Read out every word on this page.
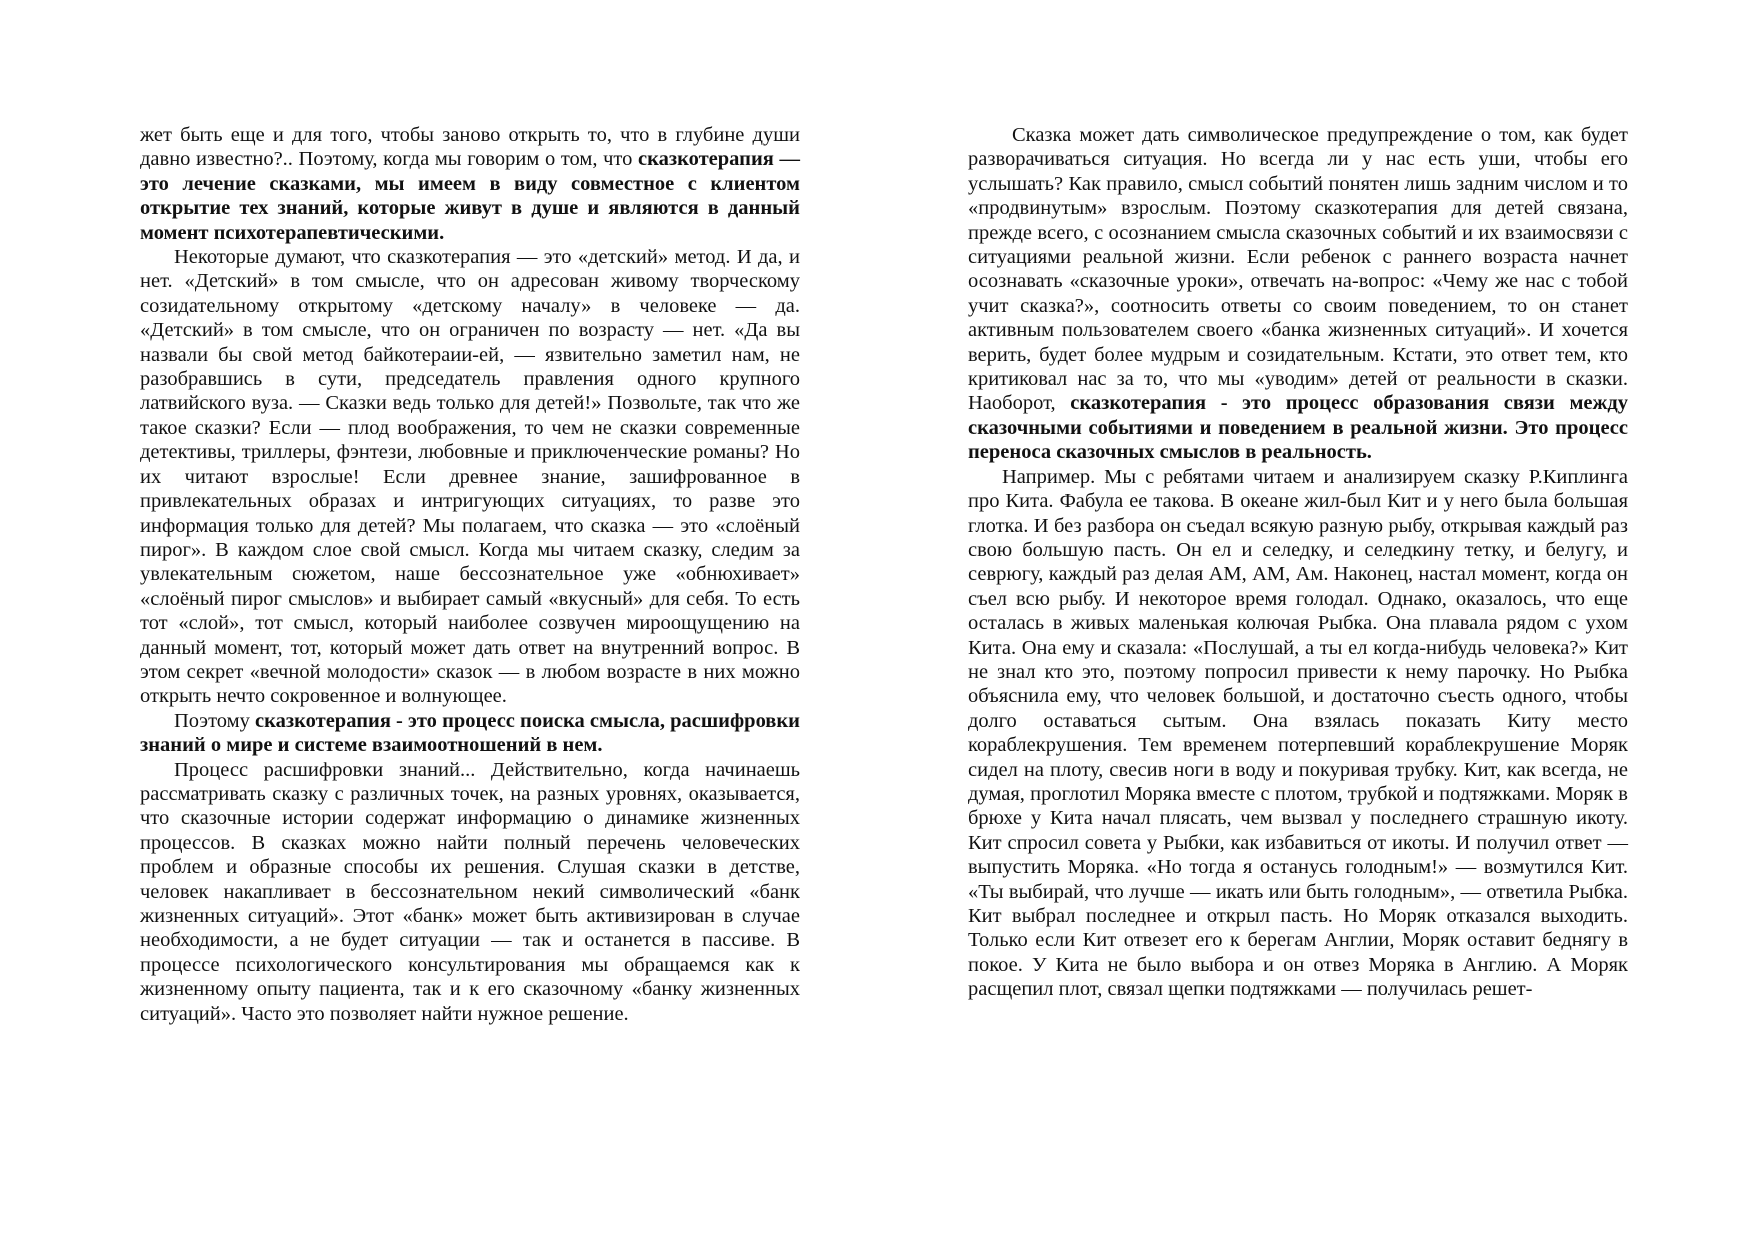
жет быть еще и для того, чтобы заново открыть то, что в глубине души давно известно?.. Поэтому, когда мы говорим о том, что сказкотерапия — это лечение сказками, мы имеем в виду совместное с клиентом открытие тех знаний, которые живут в душе и являются в данный момент психотерапевтическими.

Некоторые думают, что сказкотерапия — это «детский» метод. И да, и нет. «Детский» в том смысле, что он адресован живому творческому созидательному открытому «детскому началу» в человеке — да. «Детский» в том смысле, что он ограничен по возрасту — нет. «Да вы назвали бы свой метод байкотераии-ей, — язвительно заметил нам, не разобравшись в сути, председатель правления одного крупного латвийского вуза. — Сказки ведь только для детей!» Позвольте, так что же такое сказки? Если — плод воображения, то чем не сказки современные детективы, триллеры, фэнтези, любовные и приключенческие романы? Но их читают взрослые! Если древнее знание, зашифрованное в привлекательных образах и интригующих ситуациях, то разве это информация только для детей? Мы полагаем, что сказка — это «слоёный пирог». В каждом слое свой смысл. Когда мы читаем сказку, следим за увлекательным сюжетом, наше бессознательное уже «обнюхивает» «слоёный пирог смыслов» и выбирает самый «вкусный» для себя. То есть тот «слой», тот смысл, который наиболее созвучен мироощущению на данный момент, тот, который может дать ответ на внутренний вопрос. В этом секрет «вечной молодости» сказок — в любом возрасте в них можно открыть нечто сокровенное и волнующее.

Поэтому сказкотерапия - это процесс поиска смысла, расшифровки знаний о мире и системе взаимоотношений в нем.

Процесс расшифровки знаний... Действительно, когда начинаешь рассматривать сказку с различных точек, на разных уровнях, оказывается, что сказочные истории содержат информацию о динамике жизненных процессов. В сказках можно найти полный перечень человеческих проблем и образные способы их решения. Слушая сказки в детстве, человек накапливает в бессознательном некий символический «банк жизненных ситуаций». Этот «банк» может быть активизирован в случае необходимости, а не будет ситуации — так и останется в пассиве. В процессе психологического консультирования мы обращаемся как к жизненному опыту пациента, так и к его сказочному «банку жизненных ситуаций». Часто это позволяет найти нужное решение.

Сказка может дать символическое предупреждение о том, как будет разворачиваться ситуация. Но всегда ли у нас есть уши, чтобы его услышать? Как правило, смысл событий понятен лишь задним числом и то «продвинутым» взрослым. Поэтому сказкотерапия для детей связана, прежде всего, с осознанием смысла сказочных событий и их взаимосвязи с ситуациями реальной жизни. Если ребенок с раннего возраста начнет осознавать «сказочные уроки», отвечать на-вопрос: «Чему же нас с тобой учит сказка?», соотносить ответы со своим поведением, то он станет активным пользователем своего «банка жизненных ситуаций». И хочется верить, будет более мудрым и созидательным. Кстати, это ответ тем, кто критиковал нас за то, что мы «уводим» детей от реальности в сказки. Наоборот, сказкотерапия - это процесс образования связи между сказочными событиями и поведением в реальной жизни. Это процесс переноса сказочных смыслов в реальность.

Например. Мы с ребятами читаем и анализируем сказку Р.Киплинга про Кита. Фабула ее такова. В океане жил-был Кит и у него была большая глотка. И без разбора он съедал всякую разную рыбу, открывая каждый раз свою большую пасть. Он ел и селедку, и селедкину тетку, и белугу, и севрюгу, каждый раз делая АМ, АМ, Ам. Наконец, настал момент, когда он съел всю рыбу. И некоторое время голодал. Однако, оказалось, что еще осталась в живых маленькая колючая Рыбка. Она плавала рядом с ухом Кита. Она ему и сказала: «Послушай, а ты ел когда-нибудь человека?» Кит не знал кто это, поэтому попросил привести к нему парочку. Но Рыбка объяснила ему, что человек большой, и достаточно съесть одного, чтобы долго оставаться сытым. Она взялась показать Киту место кораблекрушения. Тем временем потерпевший кораблекрушение Моряк сидел на плоту, свесив ноги в воду и покуривая трубку. Кит, как всегда, не думая, проглотил Моряка вместе с плотом, трубкой и подтяжками. Моряк в брюхе у Кита начал плясать, чем вызвал у последнего страшную икоту. Кит спросил совета у Рыбки, как избавиться от икоты. И получил ответ — выпустить Моряка. «Но тогда я останусь голодным!» — возмутился Кит. «Ты выбирай, что лучше — икать или быть голодным», — ответила Рыбка. Кит выбрал последнее и открыл пасть. Но Моряк отказался выходить. Только если Кит отвезет его к берегам Англии, Моряк оставит беднягу в покое. У Кита не было выбора и он отвез Моряка в Англию. А Моряк расщепил плот, связал щепки подтяжками — получилась решет-
